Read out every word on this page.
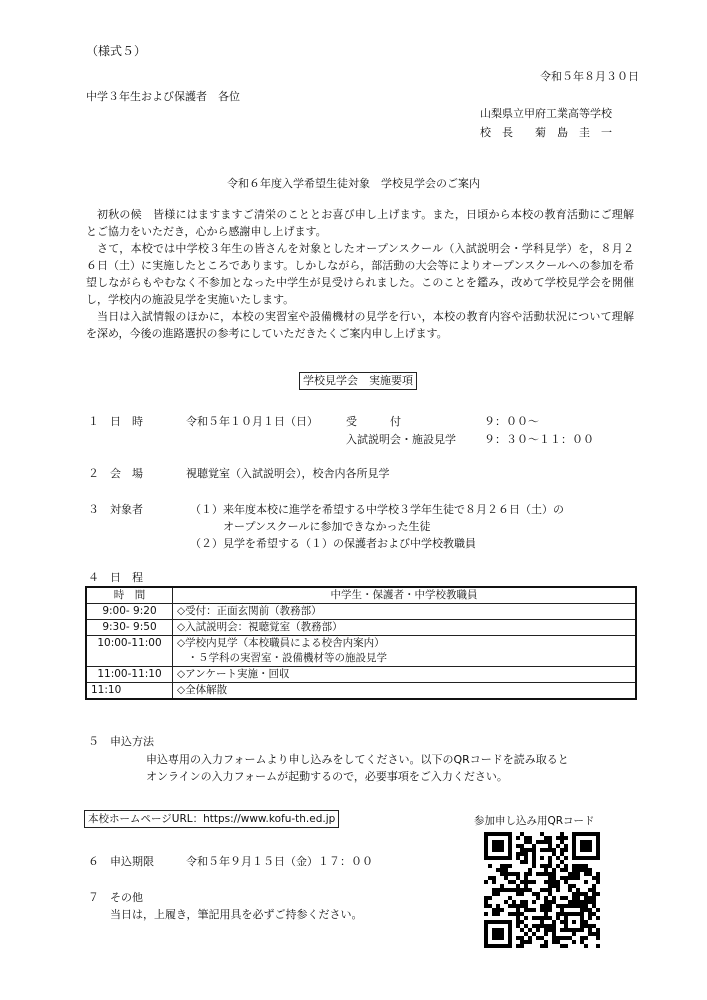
（様式５）
令和５年８月３０日
中学３年生および保護者　各位
山梨県立甲府工業高等学校
校　長　　菊　島　圭　一
令和６年度入学希望生徒対象　学校見学会のご案内

初秋の候　皆様にはますますご清栄のこととお喜び申し上げます。また，日頃から本校の教育活動にご理解とご協力をいただき，心から感謝申し上げます。

さて，本校では中学校３年生の皆さんを対象としたオープンスクール（入試説明会・学科見学）を，８月２６日（土）に実施したところであります。しかしながら，部活動の大会等によりオープンスクールへの参加を希望しながらもやむなく不参加となった中学生が見受けられました。このことを鑑み，改めて学校見学会を開催し，学校内の施設見学を実施いたします。

当日は入試情報のほかに，本校の実習室や設備機材の見学を行い，本校の教育内容や活動状況について理解を深め，今後の進路選択の参考にしていただきたくご案内申し上げます。

学校見学会　実施要項
１　日　時	令和５年１０月１日（日）	受　　　付	９：００～
入試説明会・施設見学	９：３０～１１：００
２　会　場	視聴覚室（入試説明会），校舎内各所見学
３　対象者	（１）来年度本校に進学を希望する中学校３学年生徒で８月２６日（土）の
オープンスクールに参加できなかった生徒
（２）見学を希望する（１）の保護者および中学校教職員
４　日　程
時　間	中学生・保護者・中学校教職員
9:00- 9:20	◇受付：正面玄関前（教務部）
9:30- 9:50	◇入試説明会：視聴覚室（教務部）
10:00-11:00	◇学校内見学（本校職員による校舎内案内）
　・５学科の実習室・設備機材等の施設見学

11:00-11:10	◇アンケート実施・回収
11:10	◇全体解散
５　申込方法
申込専用の入力フォームより申し込みをしてください。以下のQRコードを読み取ると
オンラインの入力フォームが起動するので，必要事項をご入力ください。
本校ホームページURL：https://www.kofu-th.ed.jp	参加申し込み用QRコード
６　申込期限	令和５年９月１５日（金）１７：００
７　その他
当日は，上履き，筆記用具を必ずご持参ください。
